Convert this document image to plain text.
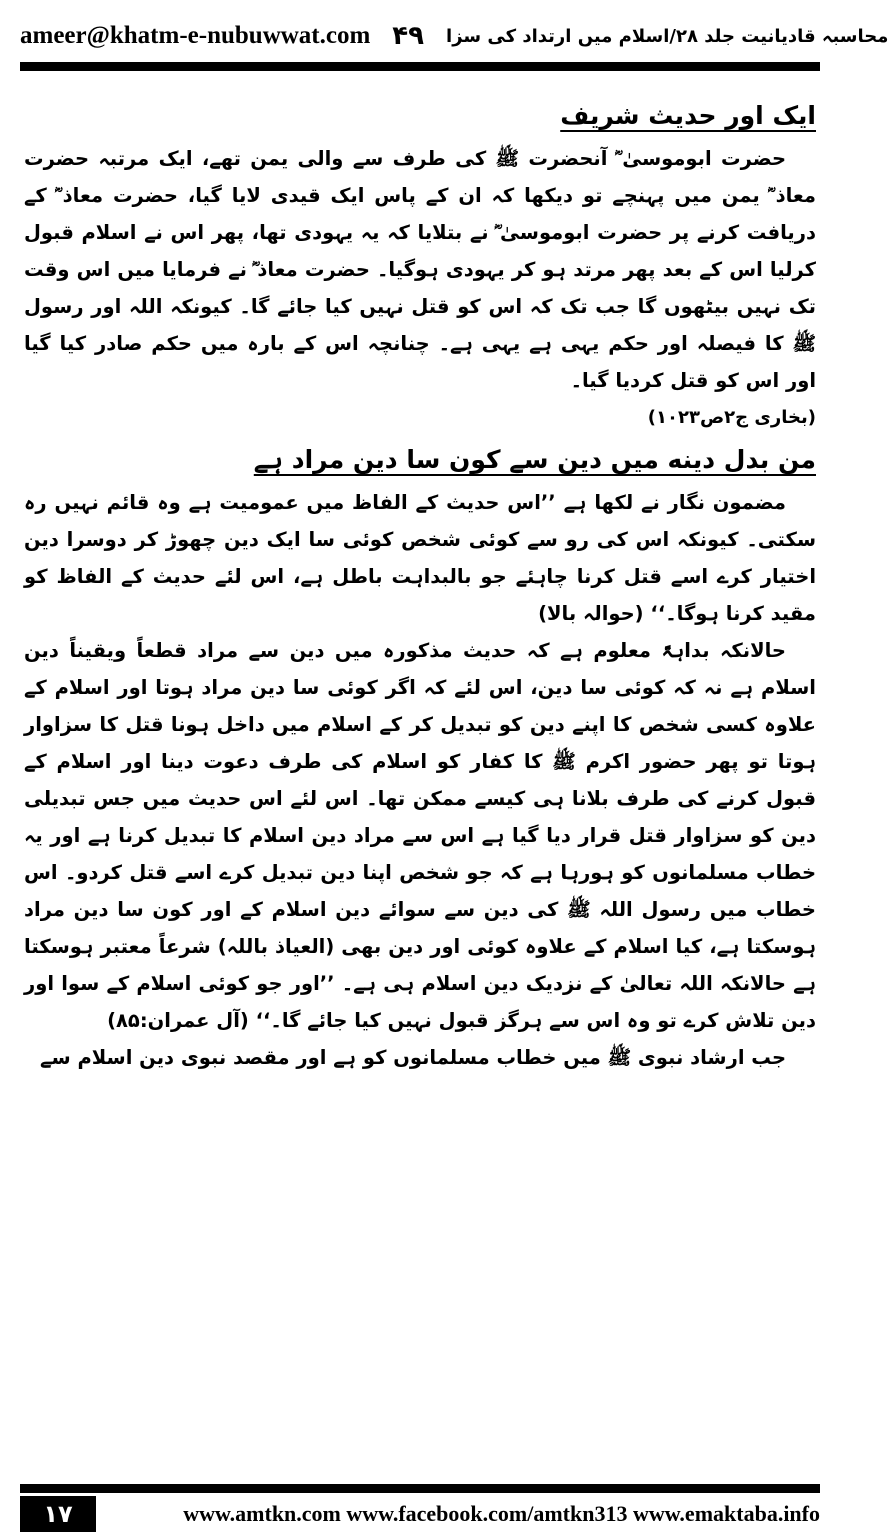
ameer@khatm-e-nubuwwat.com ۴۹ محاسبہ قادیانیت جلد ۲۸/اسلام میں ارتداد کی سزا

ایک اور حدیث شریف

حضرت ابوموسیٰ ؓ آنحضرت ﷺ کی طرف سے والی یمن تھے، ایک مرتبہ حضرت معاذ ؓ یمن میں پہنچے تو دیکھا کہ ان کے پاس ایک قیدی لایا گیا، حضرت معاذ ؓ کے دریافت کرنے پر حضرت ابوموسیٰ ؓ نے بتلایا کہ یہ یہودی تھا، پھر اس نے اسلام قبول کرلیا اس کے بعد پھر مرتد ہو کر یہودی ہوگیا۔ حضرت معاذ ؓ نے فرمایا میں اس وقت تک نہیں بیٹھوں گا جب تک کہ اس کو قتل نہیں کیا جائے گا۔ کیونکہ اللہ اور رسول ﷺ کا فیصلہ اور حکم یہی ہے یہی ہے۔ چنانچہ اس کے بارہ میں حکم صادر کیا گیا اور اس کو قتل کردیا گیا۔

(بخاری ج۲ص۱۰۲۳)

من بدل دینه میں دین سے کون سا دین مراد ہے

مضمون نگار نے لکھا ہے ’’اس حدیث کے الفاظ میں عمومیت ہے وہ قائم نہیں رہ سکتی۔ کیونکہ اس کی رو سے کوئی شخص کوئی سا ایک دین چھوڑ کر دوسرا دین اختیار کرے اسے قتل کرنا چاہئے جو بالبداہت باطل ہے، اس لئے حدیث کے الفاظ کو مقید کرنا ہوگا۔‘‘ (حوالہ بالا)

حالانکہ بداہۃً معلوم ہے کہ حدیث مذکورہ میں دین سے مراد قطعاً ویقیناً دین اسلام ہے نہ کہ کوئی سا دین، اس لئے کہ اگر کوئی سا دین مراد ہوتا اور اسلام کے علاوہ کسی شخص کا اپنے دین کو تبدیل کر کے اسلام میں داخل ہونا قتل کا سزاوار ہوتا تو پھر حضور اکرم ﷺ کا کفار کو اسلام کی طرف دعوت دینا اور اسلام کے قبول کرنے کی طرف بلانا ہی کیسے ممکن تھا۔ اس لئے اس حدیث میں جس تبدیلی دین کو سزاوار قتل قرار دیا گیا ہے اس سے مراد دین اسلام کا تبدیل کرنا ہے اور یہ خطاب مسلمانوں کو ہورہا ہے کہ جو شخص اپنا دین تبدیل کرے اسے قتل کردو۔ اس خطاب میں رسول اللہ ﷺ کی دین سے سوائے دین اسلام کے اور کون سا دین مراد ہوسکتا ہے، کیا اسلام کے علاوہ کوئی اور دین بھی (العیاذ باللہ) شرعاً معتبر ہوسکتا ہے حالانکہ اللہ تعالیٰ کے نزدیک دین اسلام ہی ہے۔ ’’اور جو کوئی اسلام کے سوا اور دین تلاش کرے تو وہ اس سے ہرگز قبول نہیں کیا جائے گا۔‘‘ (آل عمران:۸۵)

جب ارشاد نبوی ﷺ میں خطاب مسلمانوں کو ہے اور مقصد نبوی دین اسلام سے

۱۷	www.amtkn.com www.facebook.com/amtkn313 www.emaktaba.info
